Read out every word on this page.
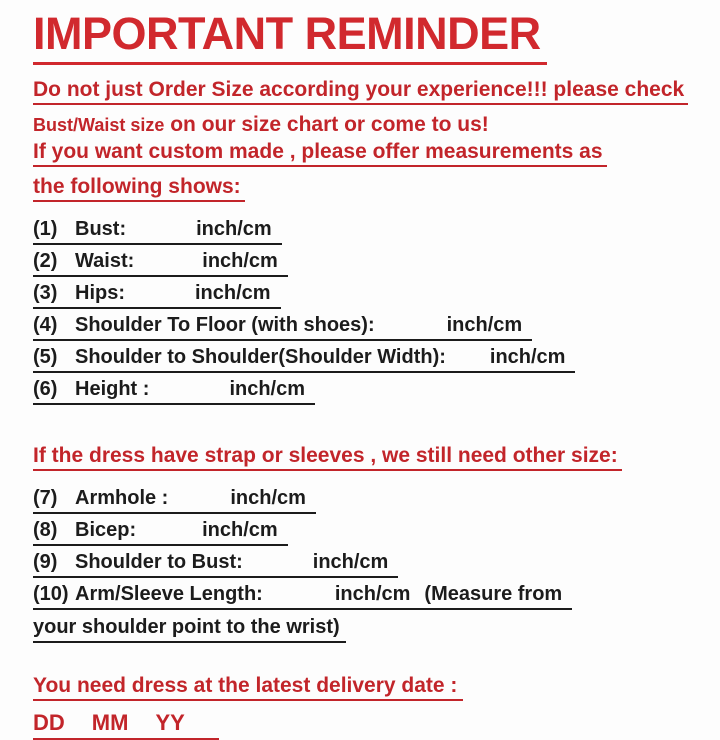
IMPORTANT REMINDER
Do not just Order Size according your experience!!! please check
Bust/Waist size on our size chart or come to us!
If you want custom made , please offer measurements as
the following shows:
(1) Bust:	inch/cm
(2) Waist:	inch/cm
(3) Hips:	inch/cm
(4) Shoulder To Floor (with shoes):	inch/cm
(5) Shoulder to Shoulder(Shoulder Width): inch/cm
(6) Height :	inch/cm
If the dress have strap or sleeves , we still need other size:
(7) Armhole :	inch/cm
(8) Bicep:	inch/cm
(9) Shoulder to Bust:	inch/cm
(10) Arm/Sleeve Length:	inch/cm (Measure from
your shoulder point to the wrist)
You need dress at the latest delivery date :
DD MM YY
